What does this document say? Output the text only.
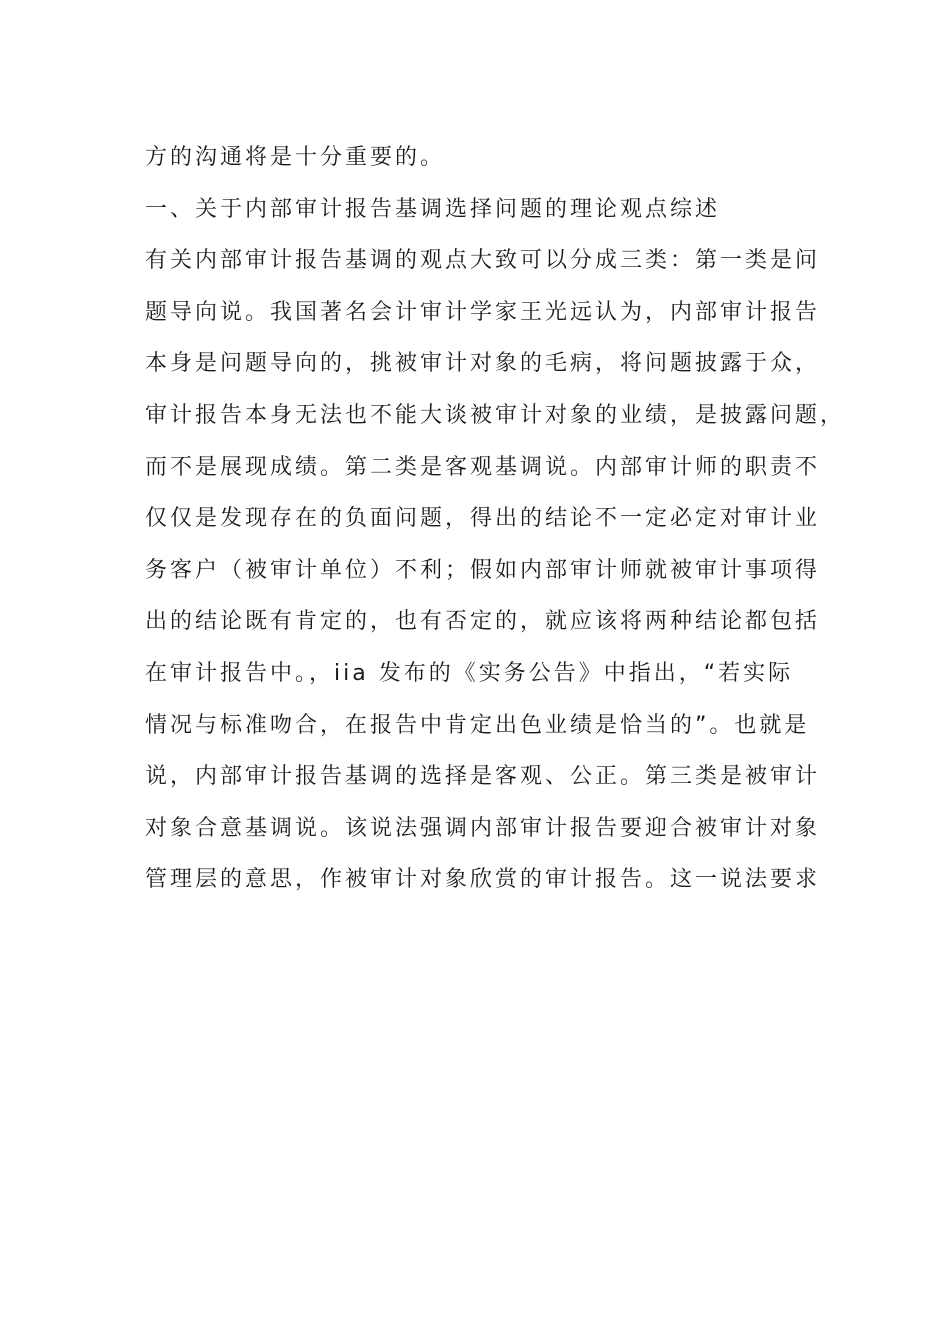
方的沟通将是十分重要的。
一、关于内部审计报告基调选择问题的理论观点综述
有关内部审计报告基调的观点大致可以分成三类：第一类是问
题导向说。我国著名会计审计学家王光远认为，内部审计报告
本身是问题导向的，挑被审计对象的毛病，将问题披露于众，
审计报告本身无法也不能大谈被审计对象的业绩，是披露问题，
而不是展现成绩。第二类是客观基调说。内部审计师的职责不
仅仅是发现存在的负面问题，得出的结论不一定必定对审计业
务客户（被审计单位）不利；假如内部审计师就被审计事项得
出的结论既有肯定的，也有否定的，就应该将两种结论都包括
在审计报告中。，iia 发布的《实务公告》中指出，“若实际
情况与标准吻合，在报告中肯定出色业绩是恰当的”。也就是
说，内部审计报告基调的选择是客观、公正。第三类是被审计
对象合意基调说。该说法强调内部审计报告要迎合被审计对象
管理层的意思，作被审计对象欣赏的审计报告。这一说法要求
